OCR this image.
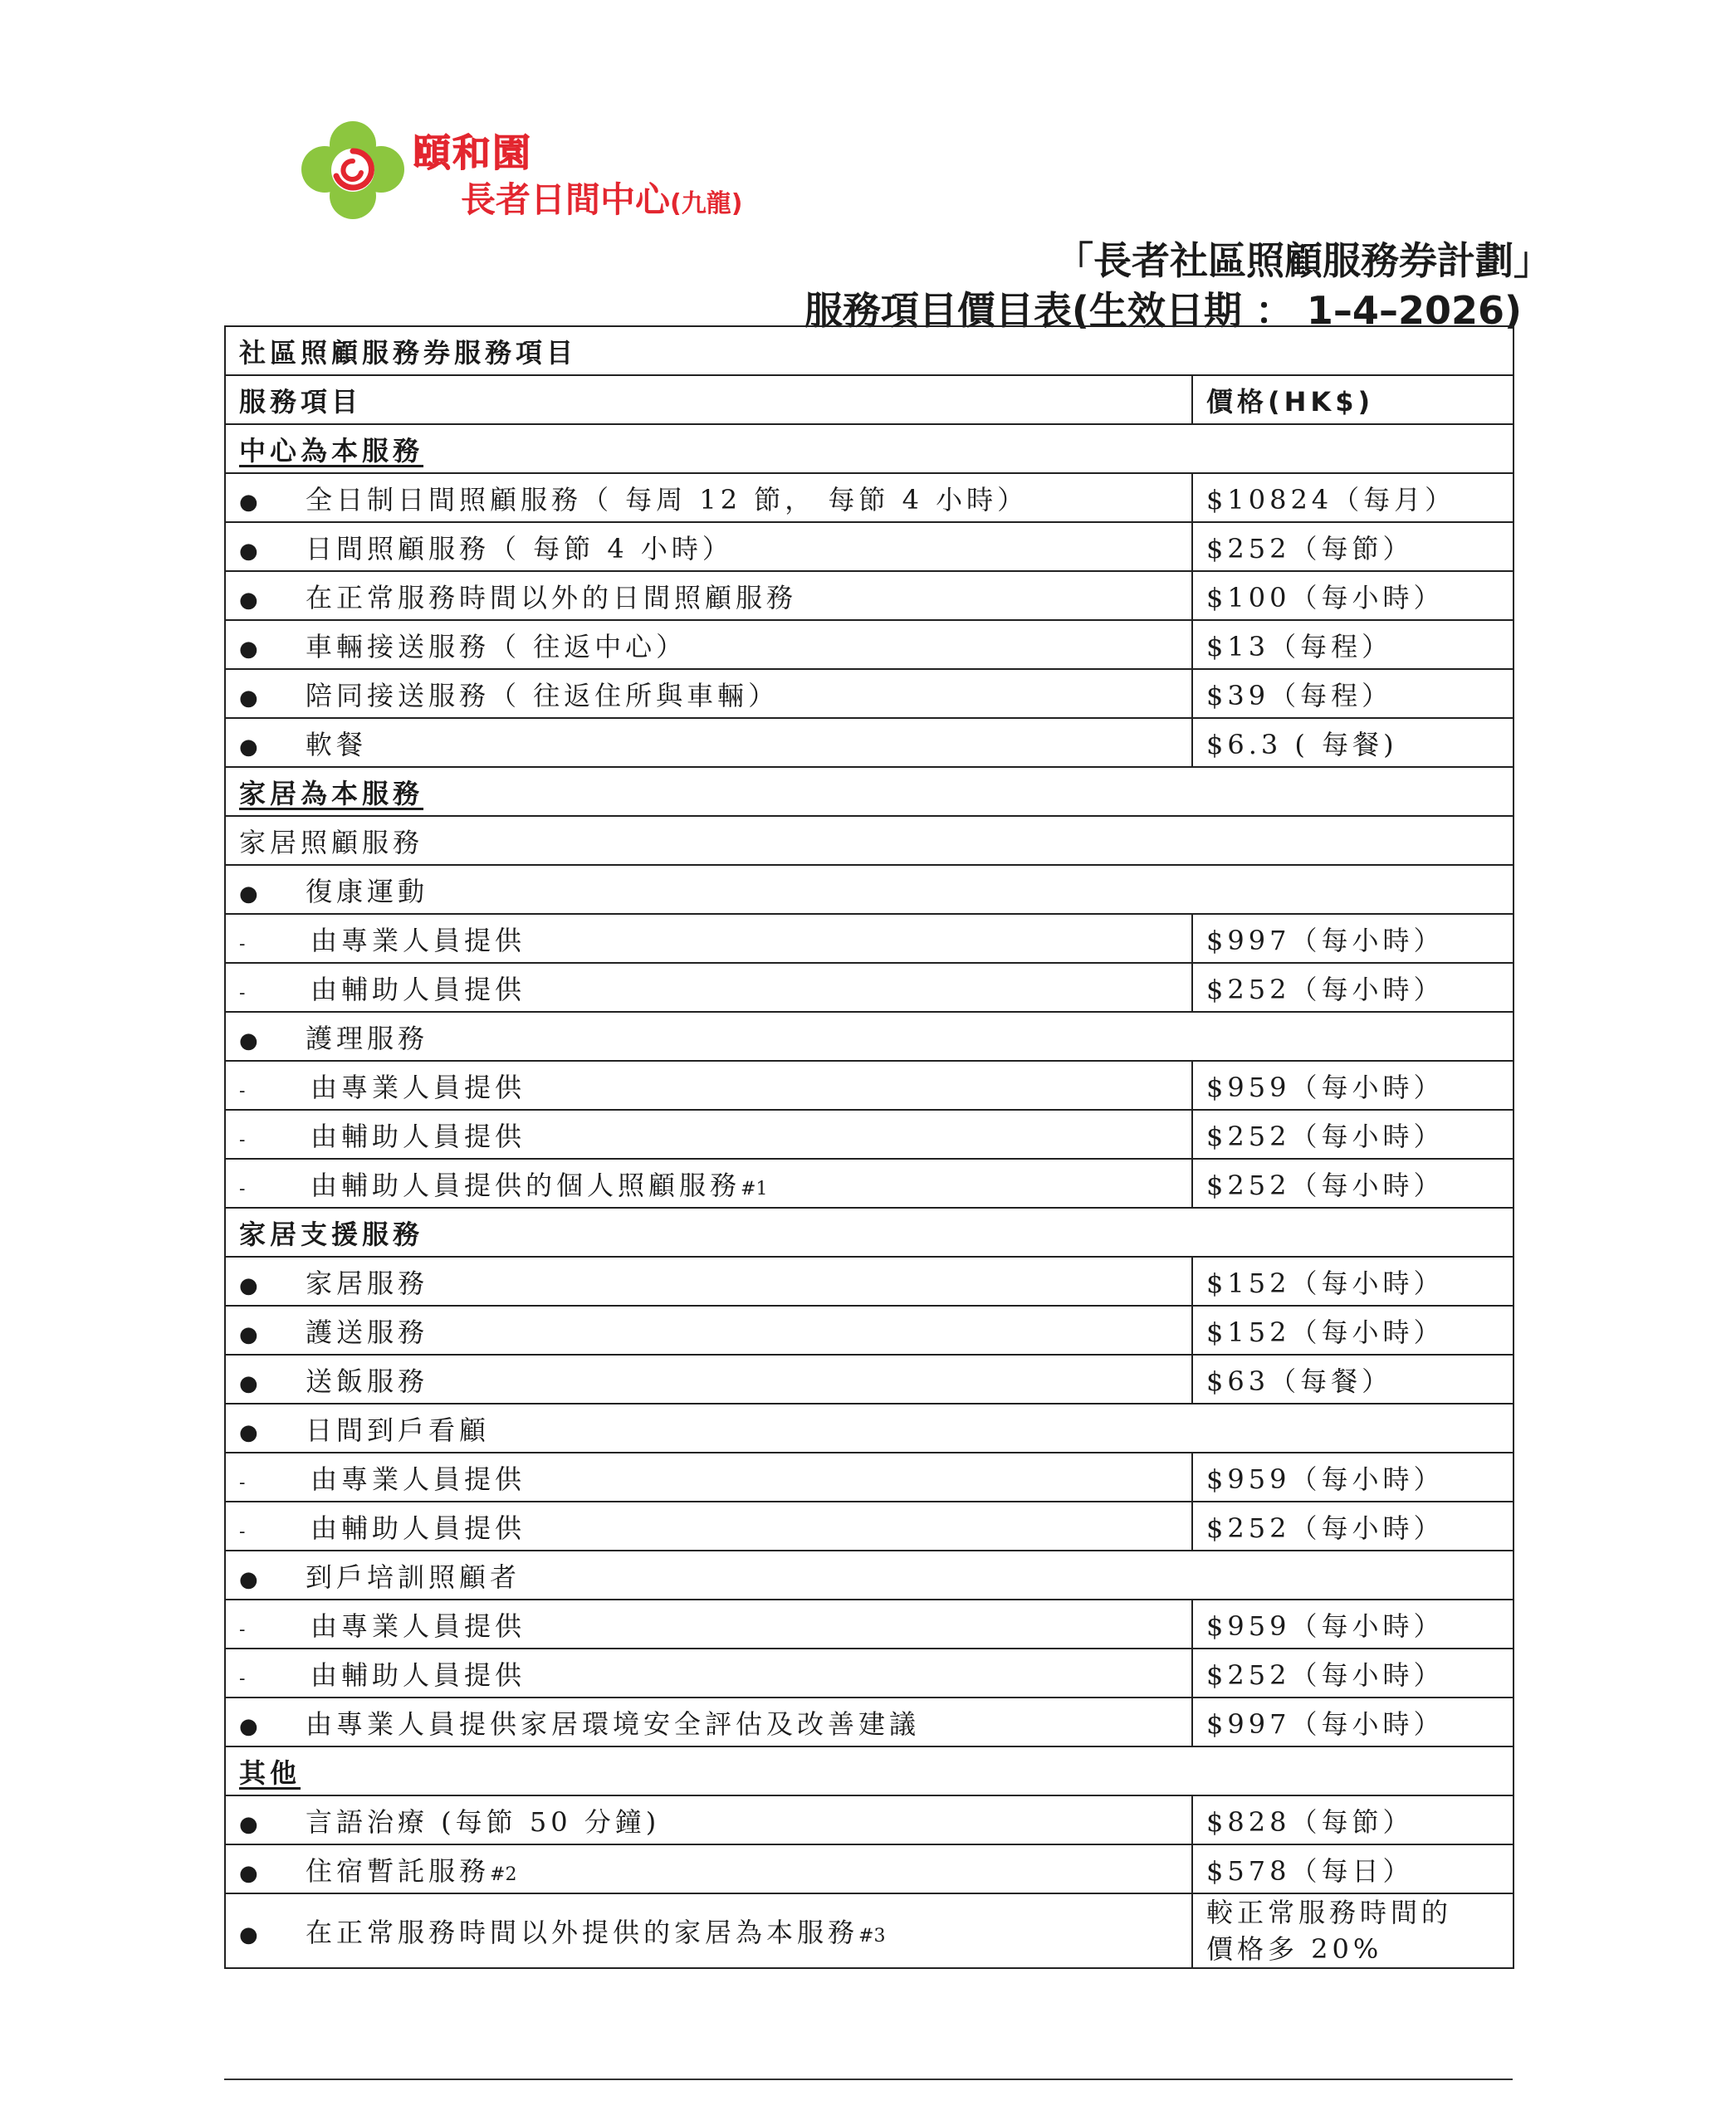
頤和園
長者日間中心(九龍)
「長者社區照顧服務券計劃」
服務項目價目表(生效日期 ： 1–4–2026)
社區照顧服務券服務項目	
服務項目	價格(HK$)
中心為本服務	
● 全日制日間照顧服務（ 每周 12 節， 每節 4 小時）	$10824（每月）
● 日間照顧服務（ 每節 4 小時）	$252（每節）
● 在正常服務時間以外的日間照顧服務	$100（每小時）
● 車輛接送服務（ 往返中心）	$13（每程）
● 陪同接送服務（ 往返住所與車輛）	$39（每程）
● 軟餐	$6.3 ( 每餐)
家居為本服務	
家居照顧服務	
● 復康運動	
- 由專業人員提供	$997（每小時）
- 由輔助人員提供	$252（每小時）
● 護理服務	
- 由專業人員提供	$959（每小時）
- 由輔助人員提供	$252（每小時）
- 由輔助人員提供的個人照顧服務#1	$252（每小時）
家居支援服務	
● 家居服務	$152（每小時）
● 護送服務	$152（每小時）
● 送飯服務	$63（每餐）
● 日間到戶看顧	
- 由專業人員提供	$959（每小時）
- 由輔助人員提供	$252（每小時）
● 到戶培訓照顧者	
- 由專業人員提供	$959（每小時）
- 由輔助人員提供	$252（每小時）
● 由專業人員提供家居環境安全評估及改善建議	$997（每小時）
其他	
● 言語治療 (每節 50 分鐘)	$828（每節）
● 住宿暫託服務#2	$578（每日）
● 在正常服務時間以外提供的家居為本服務#3	較正常服務時間的
價格多 20%
